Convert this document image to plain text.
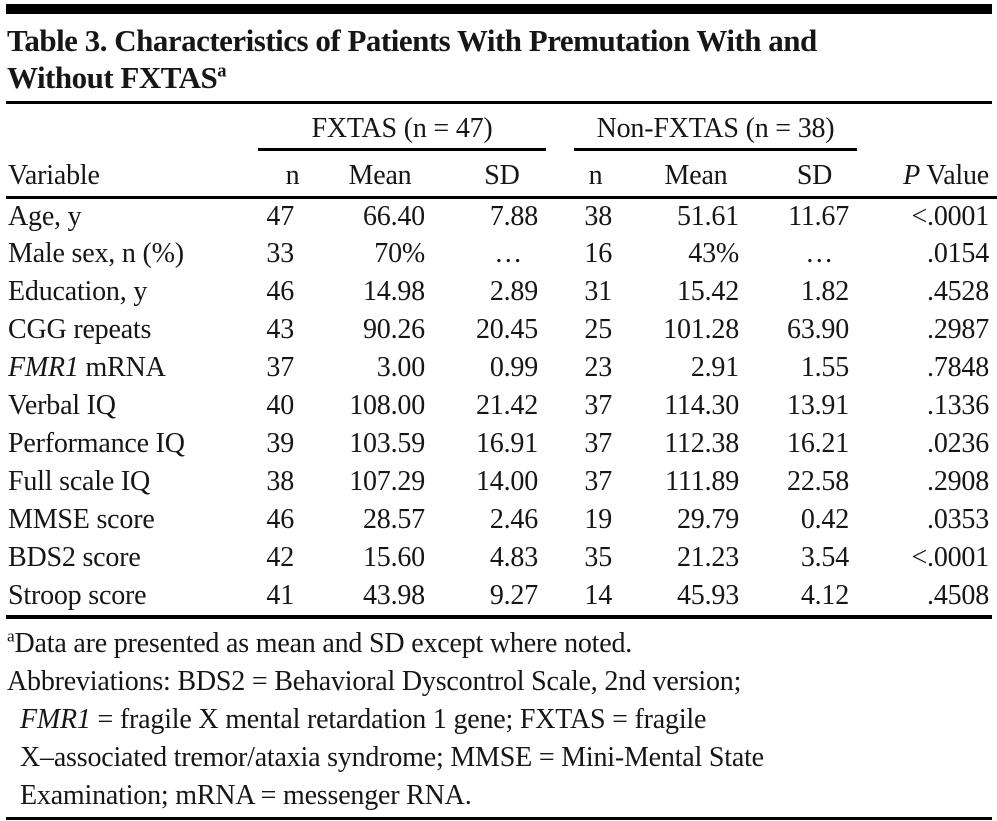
Table 3. Characteristics of Patients With Premutation With and
Without FXTAS$^a$

	FXTAS (n = 47)			Non-FXTAS (n = 38)			

Variable	n	Mean	SD	n	Mean	SD	P Value
Age, y	47	66.40	7.88	38	51.61	11.67	<.0001
Male sex, n (%)	33	70%	…	16	43%	…	.0154
Education, y	46	14.98	2.89	31	15.42	1.82	.4528
CGG repeats	43	90.26	20.45	25	101.28	63.90	.2987
FMR1 mRNA	37	3.00	0.99	23	2.91	1.55	.7848
Verbal IQ	40	108.00	21.42	37	114.30	13.91	.1336
Performance IQ	39	103.59	16.91	37	112.38	16.21	.0236
Full scale IQ	38	107.29	14.00	37	111.89	22.58	.2908
MMSE score	46	28.57	2.46	19	29.79	0.42	.0353
BDS2 score	42	15.60	4.83	35	21.23	3.54	<.0001
Stroop score	41	43.98	9.27	14	45.93	4.12	.4508
$^a$Data are presented as mean and SD except where noted.
Abbreviations: BDS2 = Behavioral Dyscontrol Scale, 2nd version;
FMR1 = fragile X mental retardation 1 gene; FXTAS = fragile
X–associated tremor/ataxia syndrome; MMSE = Mini-Mental State
Examination; mRNA = messenger RNA.
